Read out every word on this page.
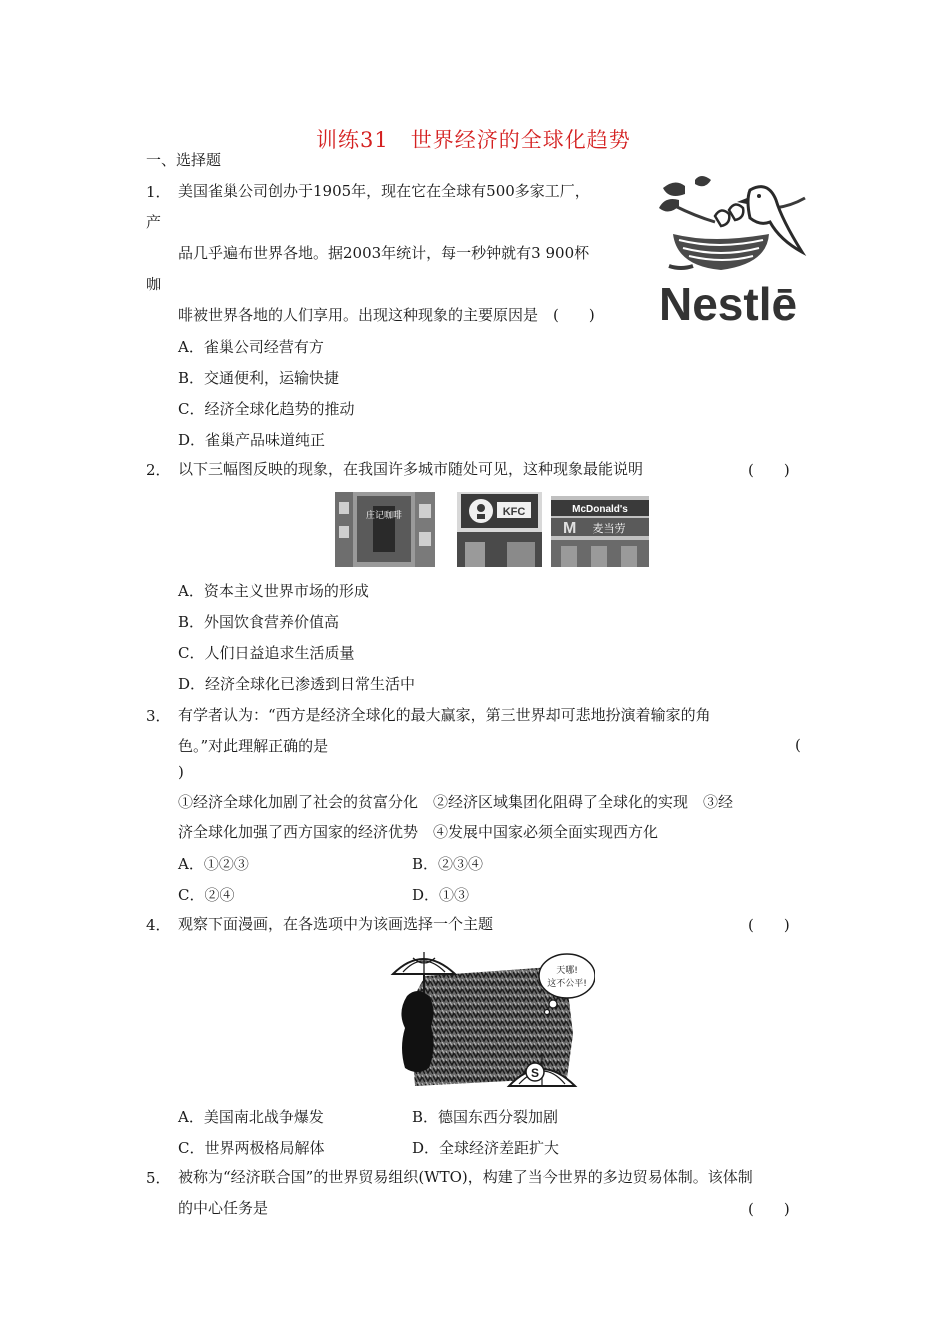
训练31　世界经济的全球化趋势
一、选择题
1． 美国雀巢公司创办于1905年，现在它在全球有500多家工厂，
产
品几乎遍布世界各地。据2003年统计，每一秒钟就有3 900杯
咖
啡被世界各地的人们享用。出现这种现象的主要原因是　(　　)
A．雀巢公司经营有方
B．交通便利，运输快捷
C．经济全球化趋势的推动
D．雀巢产品味道纯正
Nestlē
2． 以下三幅图反映的现象，在我国许多城市随处可见，这种现象最能说明	(　　)
庄记咖啡	KFC	McDonald's
M 麦当劳
A．资本主义世界市场的形成
B．外国饮食营养价值高
C．人们日益追求生活质量
D．经济全球化已渗透到日常生活中
3． 有学者认为：“西方是经济全球化的最大赢家，第三世界却可悲地扮演着输家的角
色。”对此理解正确的是	(
)
①经济全球化加剧了社会的贫富分化　②经济区域集团化阻碍了全球化的实现　③经
济全球化加强了西方国家的经济优势　④发展中国家必须全面实现西方化
A．①②③	B．②③④
C．②④	D．①③
4． 观察下面漫画，在各选项中为该画选择一个主题	(　　)
S
天哪!
这不公平!
A．美国南北战争爆发	B．德国东西分裂加剧
C．世界两极格局解体	D．全球经济差距扩大
5． 被称为“经济联合国”的世界贸易组织(WTO)，构建了当今世界的多边贸易体制。该体制
的中心任务是	(　　)
